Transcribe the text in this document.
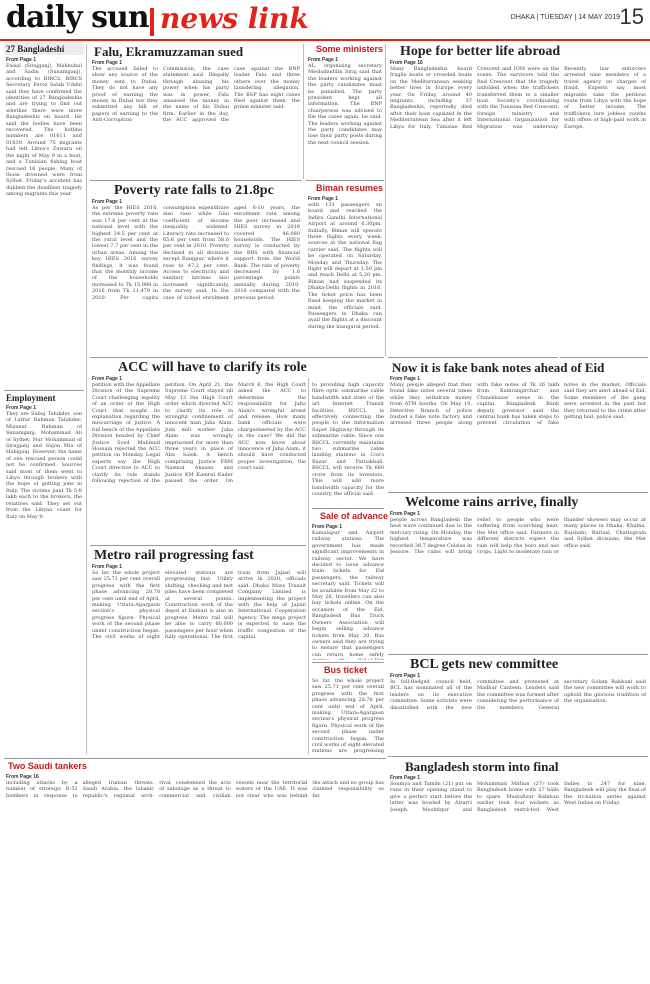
daily sun news link	DHAKA | TUESDAY | 14 MAY 2019 15
27 Bangladeshi
From Page 1
Faisal (Sirajganj), Mahbubul and Sadin (Sunamganj), according to BIRCS. BIRCS Secretary Feroz Salah Uddin said they have confirmed the identities of 27 Bangladeshis and are trying to find out whether there were more Bangladeshis on board. He said the bodies have been recovered. The hotline numbers are 01611 and 01839. Around 75 migrants had left Libya's Zuwara on the night of May 9 in a boat, and a Tunisian fishing boat rescued 16 people. Many of those drowned were from Sylhet. Friday's accident has dubbed the deadliest tragedy among migrants this year.
Employment
From Page 1
They are Sabuj Talukder, son of Lutfur Rahman Talukder; Mizanur Rahman of Sunamganj; Mohammad Ali of Sylhet; Nur Mohammad of Sirajganj and Sujon Mia of Habiganj. However, the name of one rescued person could not be confirmed. Sources said most of them went to Libya through brokers with the hope of getting jobs in Italy. The victims paid Tk 5-8 lakh each to the brokers, the relatives said. They set out from the Libyan coast for Italy on May 9.
Falu, Ekramuzzaman sued
From Page 1
The accused failed to show any source of the money sent to Dubai. They do not have any proof of earning the money in Dubai nor they submitted any bill or papers of earning to the Anti-Corruption Commission, the case statement said. Illegally through abusing his power when his party was in power, Falu amassed the money in the name of his Dubai firm. Earlier in the day, the ACC approved the case against the BNP leader Falu and three others over the money laundering allegation. The BSP has eight cases filed against them, the prime minister said.
Some ministers
From Page 1
AL, organising secretary Mesbahuddin Siraj said that the leaders working against the party candidates must be punished. The party president kept all information. The BNP chairperson was advised to file the cases again, he said. The leaders working against the party candidates may lose their party posts during the next council session.
Poverty rate falls to 21.8pc
From Page 1
As per the HIES 2016, the extreme poverty rate was 17.6 per cent at the national level with the highest 24.5 per cent at the rural level and the lowest 7.7 per cent in the urban areas. Among the key HIES 2016 survey findings, it was found that the monthly income of the households increased to Tk 15,988 in 2016 from Tk 11,479 in 2010. Per capita consumption expenditure also rose while Gini coefficient of income inequality widened. Literacy rate increased to 65.6 per cent from 58.6 per cent in 2010. Poverty declined in all divisions except Rangpur, where it rose to 47.2 per cent. Access to electricity and sanitary latrines also increased significantly, the survey said. In the case of school enrolment aged 6-10 years, the enrolment rate among the poor increased and HIES survey in 2016 covered 46,080 households. The HIES survey is conducted by the BBS with financial support from the World Bank. The rate of poverty decreased by 1.6 percentage points annually during 2010-2016 compared with the previous period.
Biman resumes
From Page 1
with 131 passengers on board and reached the Indira Gandhi International Airport at around 6.30pm. Initially, Biman will operate three flights every week, sources at the national flag carrier said. The flights will be operated on Saturday, Monday and Thursday. The flight will depart at 1.50 pm and reach Delhi at 5.20 pm. Biman had suspended its Dhaka-Delhi flights in 2016. The ticket price has been fixed keeping the market in mind, the officials said. Passengers in Dhaka can avail the flights at a discount during the inaugural period.
Hope for better life abroad
From Page 16
Many Bangladeshis board fragile boats or crowded boats on the Mediterranean seeking better lives in Europe every year. On Friday, around 40 migrants, including 37 Bangladeshis, reportedly died after their boat capsized in the Mediterranean Sea after it left Libya for Italy. Tunisian Red Crescent and IOM were on the scene. The survivors told the Red Crescent that the tragedy unfolded when the traffickers transferred them to a smaller boat. Society's coordinating with the Tunisian Red Crescent, foreign ministry and International Organization for Migration was underway. Recently, law enforcers arrested nine members of a travel agency on charges of fraud. Experts say most migrants take the perilous route from Libya with the hope of better income. The traffickers lure jobless youths with offers of high-paid work in Europe.
ACC will have to clarify its role
From Page 1
petition with the Appellate Division of the Supreme Court challenging legality of an order of the High Court that sought its explanation regarding the miscarriage of justice. A full bench of the Appellate Division headed by Chief Justice Syed Mahmud Hossain rejected the ACC petition on Monday. Legal experts say the High Court directive to ACC to clarify its role stands following rejection of the petition. On April 21, the Supreme Court stayed till May 13 the High Court order which directed ACC to clarify its role in wrongful confinement of innocent man Jaha Alam. Jute mill worker Jaha Alam was wrongly imprisoned for more than three years in place of Abu Salek. A bench comprising Justice FRM Nazmul Ahasan and Justice KM Kamrul Kader passed the order. On March 6, the High Court asked the ACC to determine the responsibility for Jaha Alam's wrongful arrest and release. How many bank officials were chargesheeted by the ACC in the case? We did the ACC now know about innocence of Jaha Alam; it should have conducted proper investigation, the court said.
to providing high capacity fibre optic submarine cable bandwidth and state of the art Internet Transit facilities, BSCCL is effectively connecting the people to the Information Super Highway through its submarine cable. Since one BSCCL currently maintains two submarine cable landing stations in Cox's Bazar and Patuakhali. BSCCL will receive Tk 680 crore from its investors. This will add more bandwidth capacity for the country, the official said.
Sale of advance
From Page 1
Kamalapur and Airport railway stations. The government has made significant improvements in railway sector. We have decided to issue advance train tickets for Eid passengers, the railway secretary said. Tickets will be available from May 22 to May 26, travellers can also buy tickets online. On the occasion of the Eid, Bangladesh Bus Truck Owners Association will begin selling advance tickets from May 20. Bus owners said they are trying to ensure that passengers can return home safely
Bus ticket
So far, the whole project saw 25.71 per cent overall progress with the first phase advancing 28.78 per cent until end of April, making Uttara-Agargaon section's physical progress figure. Physical work of the second phase under construction began. The civil works of eight elevated stations are progressing
Now it is fake bank notes ahead of Eid
From Page 1
Many people alleged that they found fake notes several times while they withdraw money from ATM booths. On May 10, Detective Branch of police busted a fake note factory and arrested three people along with fake notes of Tk 26 lakh from Kamrangirchar and Chawkbazar areas in the capital. Bangladesh Bank deputy governor said the central bank has taken steps to prevent circulation of fake notes in the market. Officials said they are alert ahead of Eid. Some members of the gang were arrested in the past but they returned to the crime after getting bail, police said.
Welcome rains arrive, finally
From Page 1
people across Bangladesh the heat wave continued due to the mercury rising. On Monday, the highest temperature was recorded 38.7 degree Celsius in Jessore. The rains will bring relief to people who were suffering from scorching heat, the Met office said. Farmers in different districts expect the rain will help the boro and aus crops. Light to moderate rain or thunder showers may occur at many places in Dhaka, Khulna, Rajshahi, Barisal, Chattogram and Sylhet divisions, the Met office said.
Metro rail progressing fast
From Page 1
So far, the whole project saw 25.71 per cent overall progress with the first phase advancing 28.78 per cent until end of April, making Uttara-Agargaon section's physical progress figure. Physical work of the second phase under construction began. The civil works of eight elevated stations are progressing fast. Utility shifting, checking and test piles have been completed at several points. Construction work of the depot at Diabari is also in progress. Metro rail will be able to carry 60,000 passengers per hour when fully operational. The first train from Japan will arrive in 2020, officials said. Dhaka Mass Transit Company Limited is implementing the project with the help of Japan International Cooperation Agency. The mega project is expected to ease the traffic congestion of the capital.
BCL gets new committee
From Page 1
In full-fledged council held, BCL has nominated all of the leaders on its executive committee. Some activists were dissatisfied with the new committee and protested at Madhur Canteen. Leaders said the committee was formed after considering the performance of the members. General secretary Golam Rabbani said the new committee will work to uphold the glorious tradition of the organisation.
Bangladesh storm into final
From Page 1
Soumya and Tamim (21) put on runs in their opening stand to give a perfect start before the latter was bowled by Alzarri Joseph. Mushfiqur and Mohammad Mithun (27) took Bangladesh home with 27 balls to spare. Mustafizur Rahman earlier took four wickets as Bangladesh restricted West Indies to 247 for nine. Bangladesh will play the final of the tri-nation series against West Indies on Friday.
Two Saudi tankers
From Page 16
including attacks by a number of strategic B-52 bombers in response to alleged Iranian threats. Saudi Arabia, the Islamic republic's regional arch-rival, condemned the acts of sabotage as a threat to commercial and civilian vessels near the territorial waters of the UAE. It was not clear who was behind the attack and no group has claimed responsibility so far.
